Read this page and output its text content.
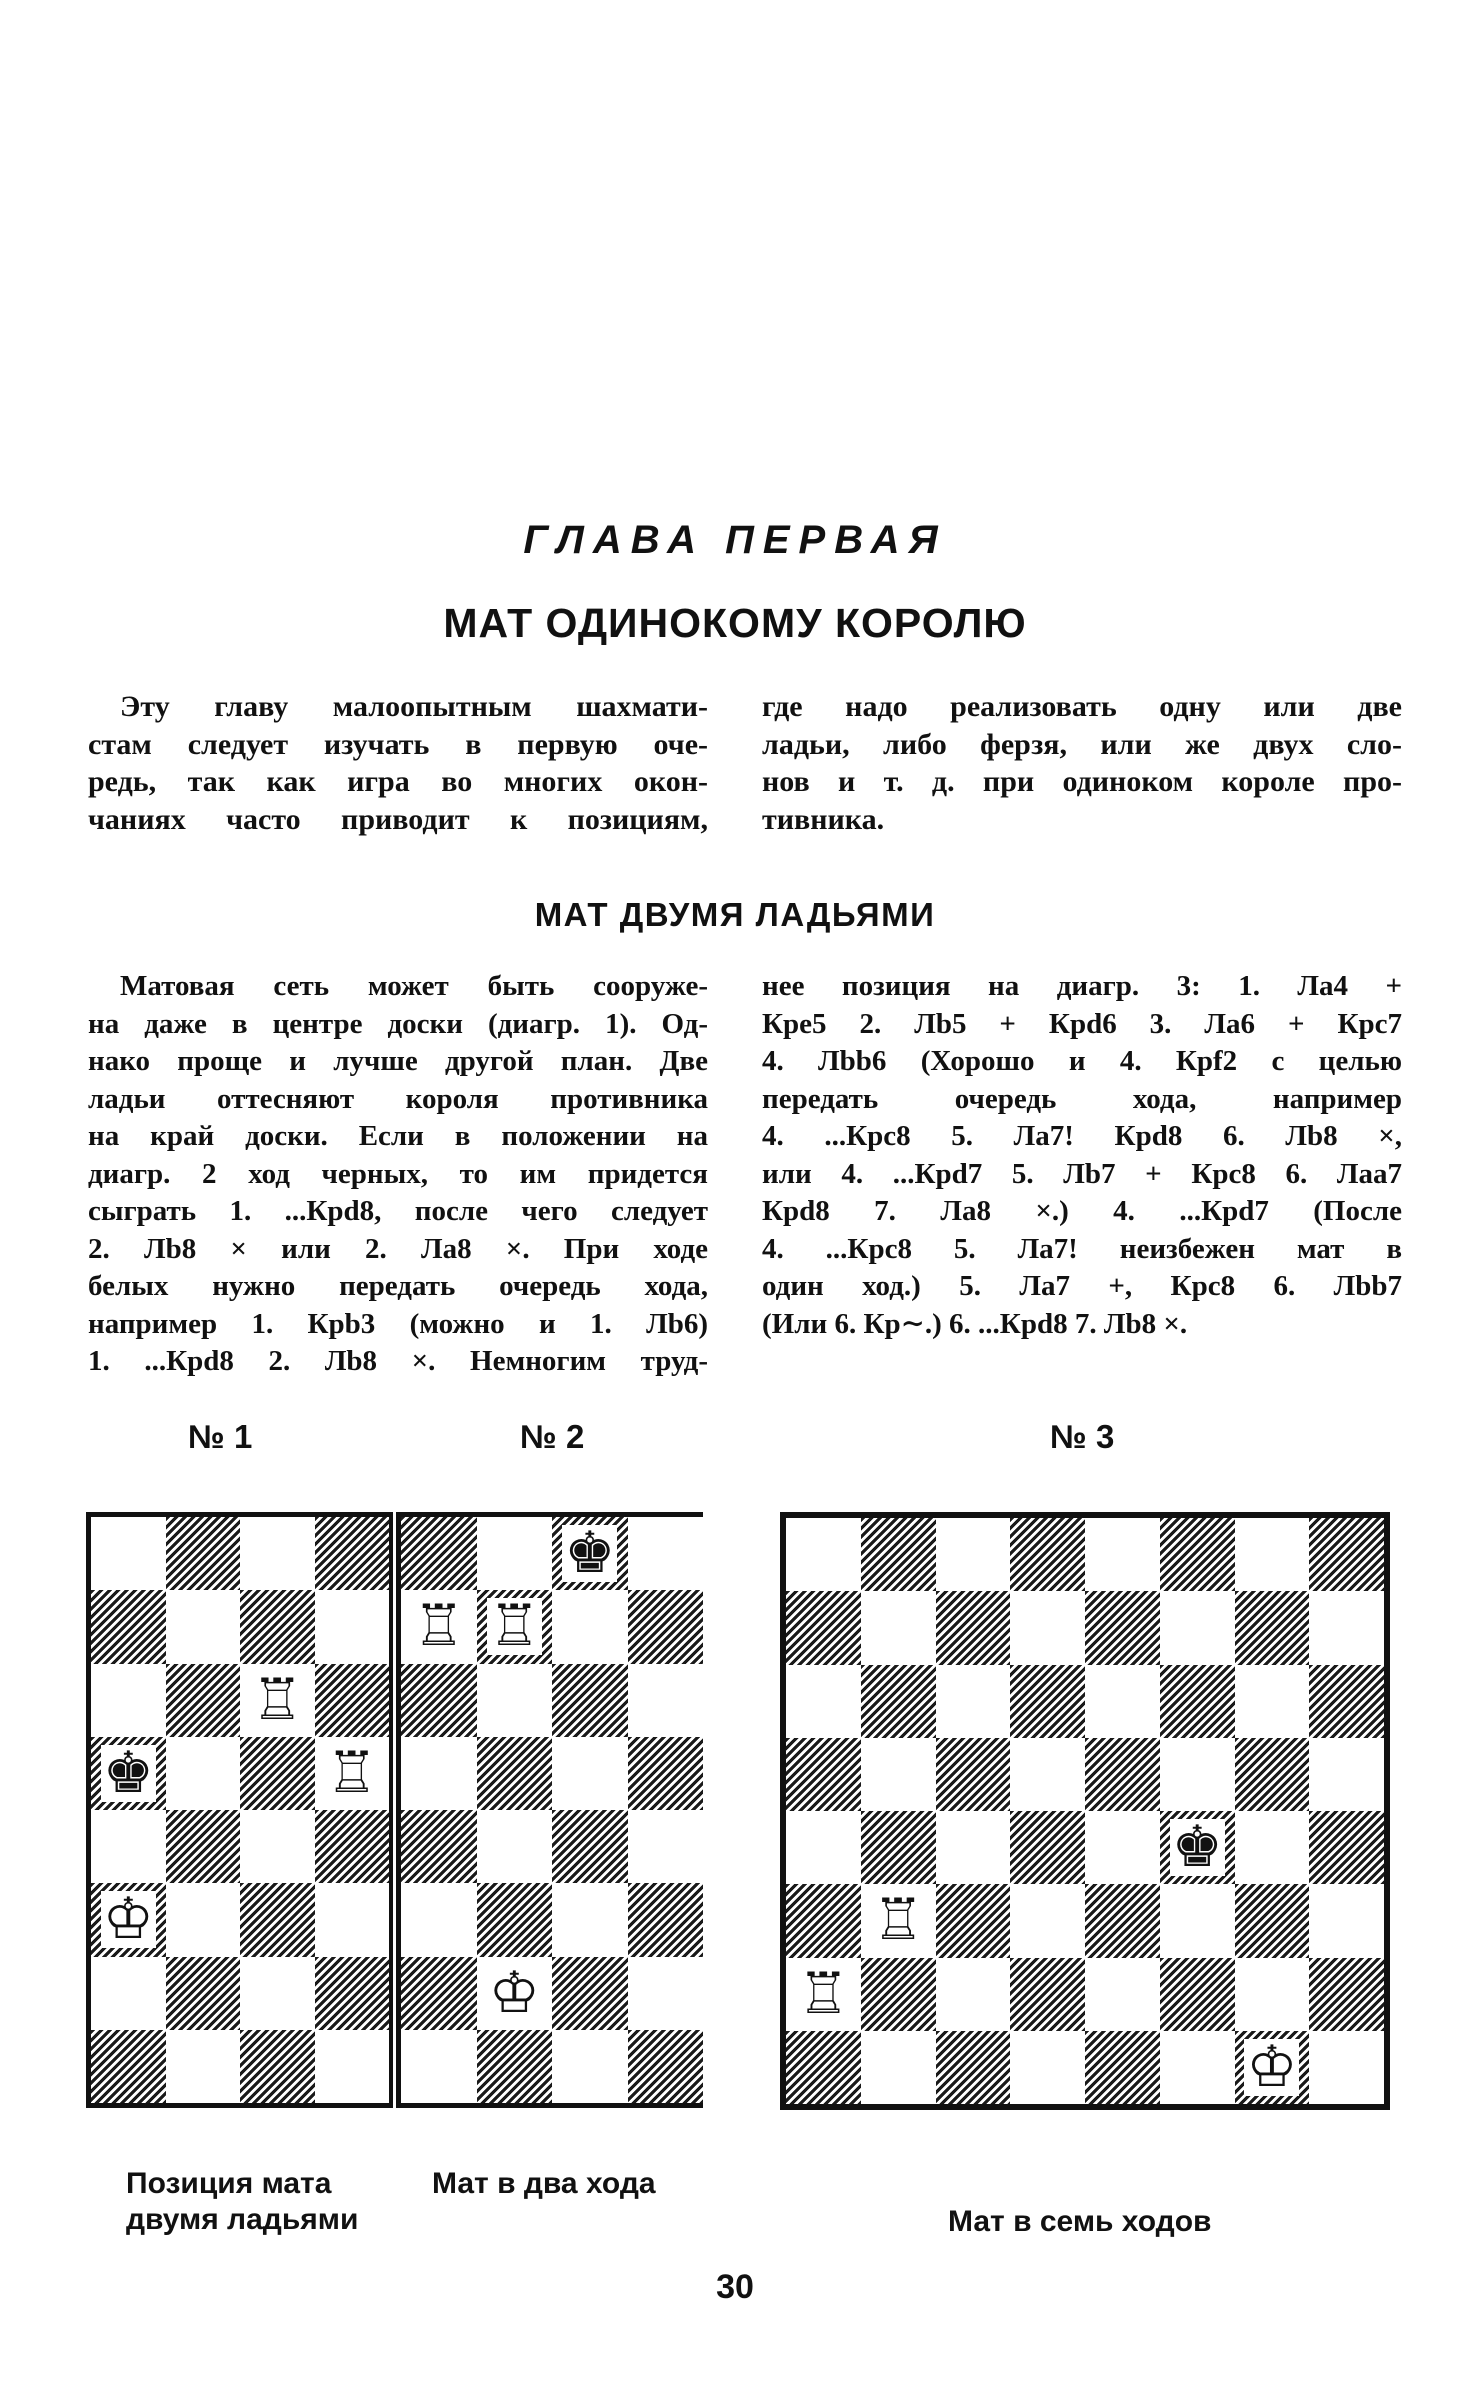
ГЛАВА ПЕРВАЯ
МАТ ОДИНОКОМУ КОРОЛЮ
Эту главу малоопытным шахмати-
стам следует изучать в первую оче-
редь, так как игра во многих окон-
чаниях часто приводит к позициям,
где надо реализовать одну или две
ладьи, либо ферзя, или же двух сло-
нов и т. д. при одиноком короле про-
тивника.
МАТ ДВУМЯ ЛАДЬЯМИ
Матовая сеть может быть сооруже-
на даже в центре доски (диагр. 1). Од-
нако проще и лучше другой план. Две
ладьи оттесняют короля противника
на край доски. Если в положении на
диагр. 2 ход черных, то им придется
сыграть 1. ...Крd8, после чего следует
2. Лb8 × или 2. Ла8 ×. При ходе
белых нужно передать очередь хода,
например 1. Крb3 (можно и 1. Лb6)
1. ...Крd8 2. Лb8 ×. Немногим труд-
нее позиция на диагр. 3: 1. Ла4 +
Кре5 2. Лb5 + Крd6 3. Ла6 + Крс7
4. Лbb6 (Хорошо и 4. Крf2 с целью
передать очередь хода, например
4. ...Крс8 5. Ла7! Крd8 6. Лb8 ×,
или 4. ...Крd7 5. Лb7 + Крс8 6. Лаа7
Крd8 7. Ла8 ×.) 4. ...Крd7 (После
4. ...Крс8 5. Ла7! неизбежен мат в
один ход.) 5. Ла7 +, Крс8 6. Лbb7
(Или 6. Кр∼.) 6. ...Крd8 7. Лb8 ×.
№ 1	№ 2	№ 3
♖
♚	♖
♔
♚
♖ ♖
♔
♚
♖
♖
♔
Позиция мата
двумя ладьями
Мат в два хода
Мат в семь ходов
30
